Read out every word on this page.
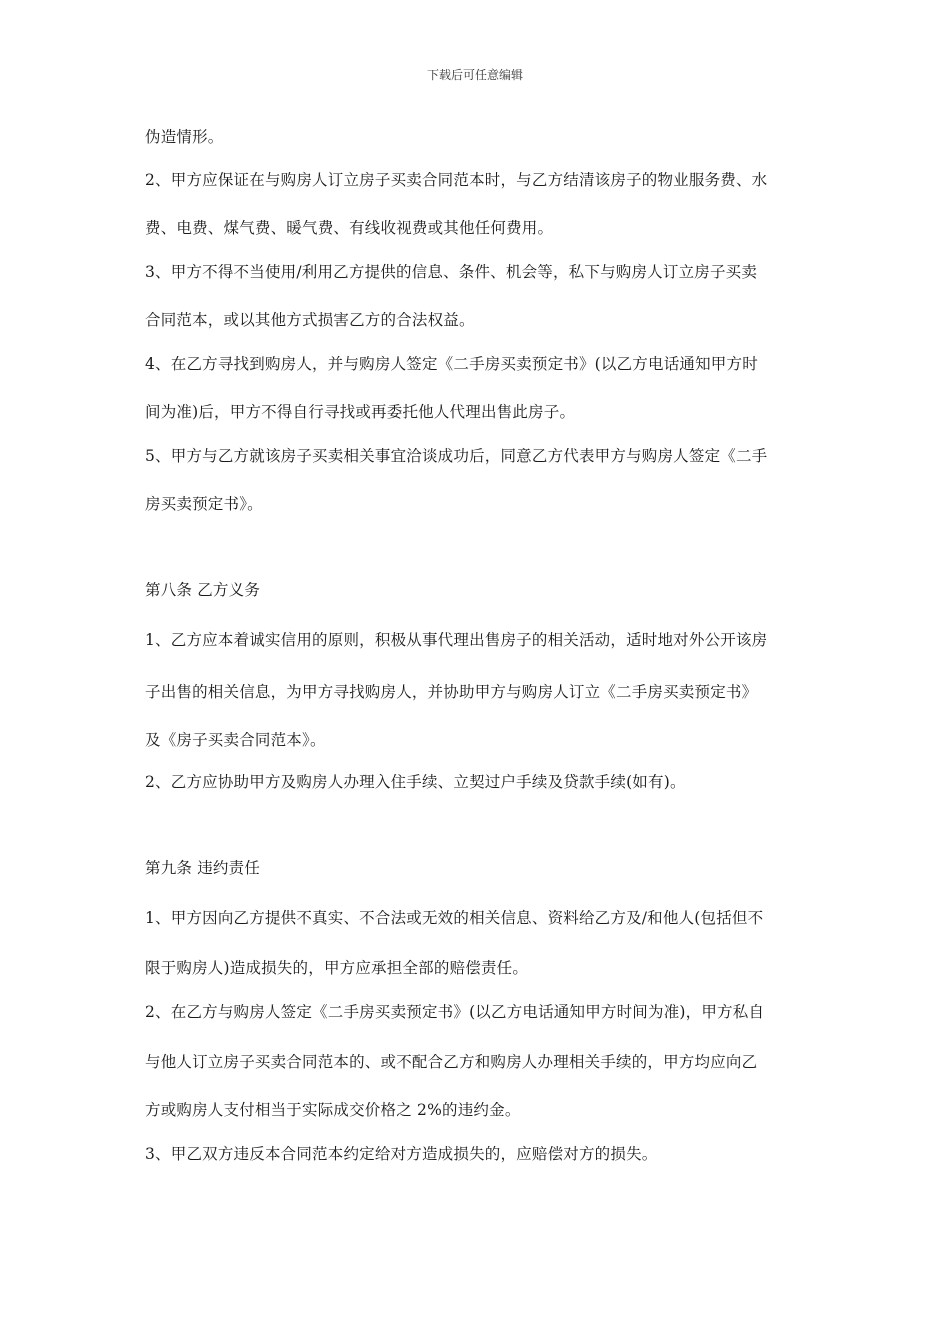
下载后可任意编辑
伪造情形。
2、甲方应保证在与购房人订立房子买卖合同范本时，与乙方结清该房子的物业服务费、水
费、电费、煤气费、暖气费、有线收视费或其他任何费用。
3、甲方不得不当使用/利用乙方提供的信息、条件、机会等，私下与购房人订立房子买卖
合同范本，或以其他方式损害乙方的合法权益。
4、在乙方寻找到购房人，并与购房人签定《二手房买卖预定书》(以乙方电话通知甲方时
间为准)后，甲方不得自行寻找或再委托他人代理出售此房子。
5、甲方与乙方就该房子买卖相关事宜洽谈成功后，同意乙方代表甲方与购房人签定《二手
房买卖预定书》。
第八条 乙方义务
1、乙方应本着诚实信用的原则，积极从事代理出售房子的相关活动，适时地对外公开该房
子出售的相关信息，为甲方寻找购房人，并协助甲方与购房人订立《二手房买卖预定书》
及《房子买卖合同范本》。
2、乙方应协助甲方及购房人办理入住手续、立契过户手续及贷款手续(如有)。
第九条 违约责任
1、甲方因向乙方提供不真实、不合法或无效的相关信息、资料给乙方及/和他人(包括但不
限于购房人)造成损失的，甲方应承担全部的赔偿责任。
2、在乙方与购房人签定《二手房买卖预定书》(以乙方电话通知甲方时间为准)，甲方私自
与他人订立房子买卖合同范本的、或不配合乙方和购房人办理相关手续的，甲方均应向乙
方或购房人支付相当于实际成交价格之 2%的违约金。
3、甲乙双方违反本合同范本约定给对方造成损失的，应赔偿对方的损失。
